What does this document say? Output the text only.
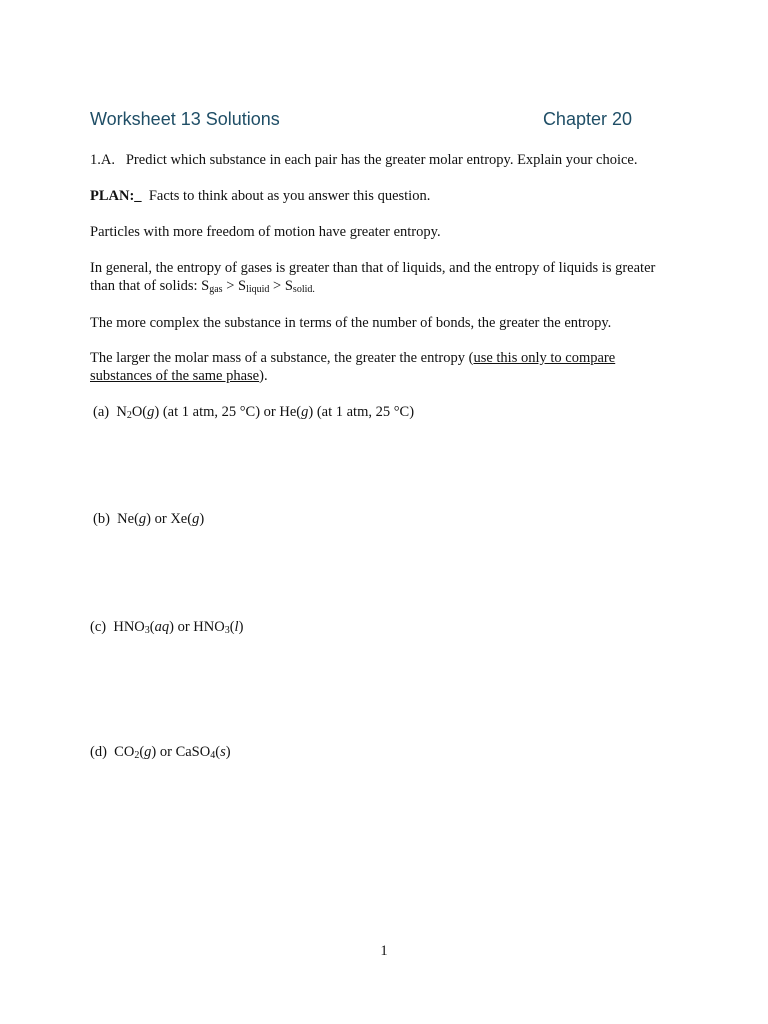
Worksheet 13 Solutions	Chapter 20
1.A. Predict which substance in each pair has the greater molar entropy. Explain your choice.
PLAN:_ Facts to think about as you answer this question.
Particles with more freedom of motion have greater entropy.
In general, the entropy of gases is greater than that of liquids, and the entropy of liquids is greater
than that of solids: $S_{gas} > S_{liquid} > S_{solid.}$
The more complex the substance in terms of the number of bonds, the greater the entropy.
The larger the molar mass of a substance, the greater the entropy (use this only to compare
substances of the same phase).
(a) $N_2O(g)$ (at 1 atm, 25 °C) or He(g) (at 1 atm, 25 °C)
(b) Ne(g) or Xe(g)
(c) $HNO_3(aq)$ or $HNO_3(l)$
(d) $CO_2(g)$ or CaSO$_4$(s)
1
